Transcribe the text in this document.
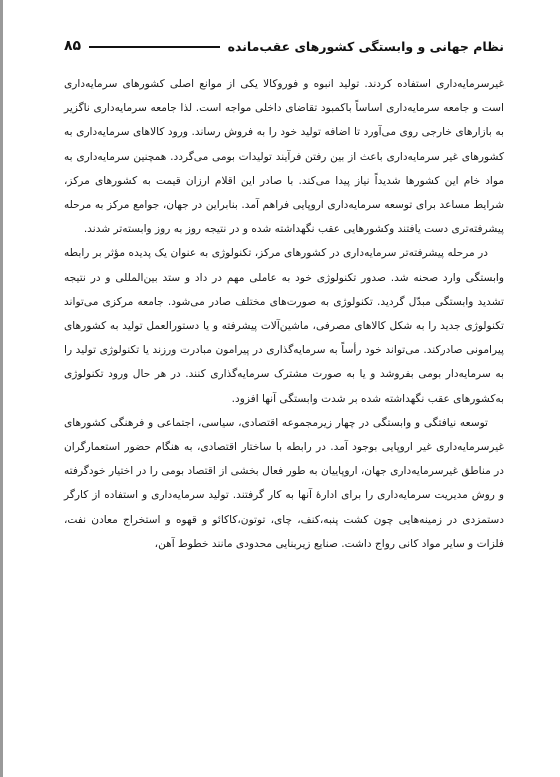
نظام جهانی و وابستگی کشورهای عقب‌مانده
۸۵

غیرسرمایه‌داری استفاده کردند. تولید انبوه و فوروکالا یکی از موانع اصلی کشورهای سرمایه‌داری است و جامعه سرمایه‌داری اساساً باکمبود تقاضای داخلی مواجه است. لذا جامعه سرمایه‌داری ناگزیر به بازارهای خارجی روی می‌آورد تا اضافه تولید خود را به فروش رساند. ورود کالاهای سرمایه‌داری به کشورهای غیر سرمایه‌داری باعث از بین رفتن فرآیند تولیدات بومی می‌گردد. همچنین سرمایه‌داری به مواد خام این کشورها شدیداً نیاز پیدا می‌کند. با صادر این اقلام ارزان قیمت به کشورهای مرکز، شرایط مساعد برای توسعه سرمایه‌داری اروپایی فراهم آمد. بنابراین در جهان، جوامع مرکز به مرحله پیشرفته‌تری دست یافتند وکشورهایی عقب نگهداشته شده و در نتیجه روز به روز وابسته‌تر شدند.

در مرحله پیشرفته‌تر سرمایه‌داری در کشورهای مرکز، تکنولوژی به عنوان یک پدیده مؤثر بر رابطه وابستگی وارد صحنه شد. صدور تکنولوژی خود به عاملی مهم در داد و ستد بین‌المللی و در نتیجه تشدید وابستگی مبدّل گردید. تکنولوژی به صورت‌های مختلف صادر می‌شود. جامعه مرکزی می‌تواند تکنولوژی جدید را به شکل کالاهای مصرفی، ماشین‌آلات پیشرفته و یا دستورالعمل تولید به کشورهای پیرامونی صادرکند. می‌تواند خود رأساً به سرمایه‌گذاری در پیرامون مبادرت ورزند یا تکنولوژی تولید را به سرمایه‌دار بومی بفروشد و یا به صورت مشترک سرمایه‌گذاری کنند. در هر حال ورود تکنولوژی به‌کشورهای عقب نگهداشته شده بر شدت وابستگی آنها افزود.

توسعه نیافتگی و وابستگی در چهار زیرمجموعه اقتصادی، سیاسی، اجتماعی و فرهنگی کشورهای غیرسرمایه‌داری غیر اروپایی بوجود آمد. در رابطه با ساختار اقتصادی، به هنگام حضور استعمارگران در مناطق غیرسرمایه‌داری جهان، اروپاییان به طور فعال بخشی از اقتصاد بومی را در اختیار خودگرفته و روش مدیریت سرمایه‌داری را برای ادارهٔ آنها به کار گرفتند. تولید سرمایه‌داری و استفاده از کارگر دستمزدی در زمینه‌هایی چون کشت پنبه،کنف، چای، توتون،کاکائو و قهوه و استخراج معادن نفت، فلزات و سایر مواد کانی رواج داشت. صنایع زیربنایی محدودی مانند خطوط آهن،
